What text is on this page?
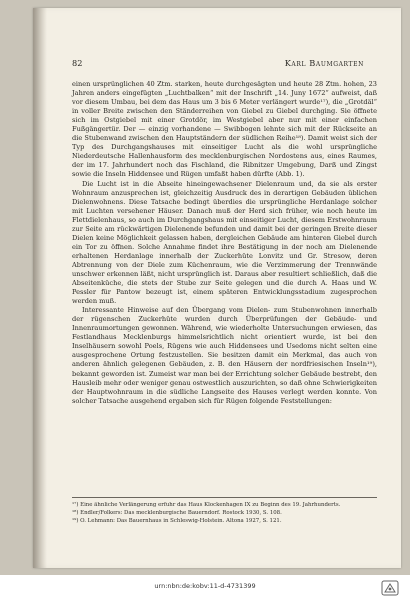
82	Karl Baumgarten

einen ursprünglichen 40 Ztm. starken, heute durchgesägten und heute 28 Ztm. hohen, 23 Jahren anders eingefügten „Luchtbalken“ mit der Inschrift „14. Juny 1672“ aufweist, daß vor diesem Umbau, bei dem das Haus um 3 bis 6 Meter verlängert wurde¹⁷), die „Grotdäl“ in voller Breite zwischen den Ständerreihen von Giebel zu Giebel durchging. Sie öffnete sich im Ostgiebel mit einer Grotdör, im Westgiebel aber nur mit einer einfachen Fußgängertür. Der — einzig vorhandene — Swibbogen lehnte sich mit der Rückseite an die Stubenwand zwischen den Hauptständern der südlichen Reihe¹⁸). Damit weist sich der Typ des Durchgangshauses mit einseitiger Lucht als die wohl ursprüngliche Niederdeutsche Hallenhausform des mecklenburgischen Nordostens aus, eines Raumes, der im 17. Jahrhundert noch das Fischland, die Ribnitzer Umgebung, Darß und Zingst sowie die Inseln Hiddensee und Rügen umfaßt haben dürfte (Abb. 1).

Die Lucht ist in die Abseite hineingewachsener Dielenraum und, da sie als erster Wohnraum anzusprechen ist, gleichzeitig Ausdruck des in derartigen Gebäuden üblichen Dielenwohnens. Diese Tatsache bedingt überdies die ursprüngliche Herdanlage solcher mit Luchten versehener Häuser. Danach muß der Herd sich früher, wie noch heute im Flettdielenhaus, so auch im Durchgangshaus mit einseitiger Lucht, diesem Erstwohnraum zur Seite am rückwärtigen Dielenende befunden und damit bei der geringen Breite dieser Dielen keine Möglichkeit gelassen haben, dergleichen Gebäude am hinteren Giebel durch ein Tor zu öffnen. Solche Annahme findet ihre Bestätigung in der noch am Dielenende erhaltenen Herdanlage innerhalb der Zuckerhüte Lonvitz und Gr. Stresow, deren Abtrennung von der Diele zum Küchenraum, wie die Verzimmerung der Trennwände unschwer erkennen läßt, nicht ursprünglich ist. Daraus aber resultiert schließlich, daß die Abseitenküche, die stets der Stube zur Seite gelegen und die durch A. Haas und W. Pessler für Pantow bezeugt ist, einem späteren Entwicklungsstadium zugesprochen werden muß.

Interessante Hinweise auf den Übergang vom Dielen- zum Stubenwohnen innerhalb der rügenschen Zuckerhüte wurden durch Überprüfungen der Gebäude- und Innenraumortungen gewonnen. Während, wie wiederholte Untersuchungen erwiesen, das Festlandhaus Mecklenburgs himmelsrichtlich nicht orientiert wurde, ist bei den Inselhäusern sowohl Poels, Rügens wie auch Hiddensees und Usedoms nicht selten eine ausgesprochene Ortung festzustellen. Sie besitzen damit ein Merkmal, das auch von anderen ähnlich gelegenen Gebäuden, z. B. den Häusern der nordfriesischen Inseln¹⁹), bekannt geworden ist. Zumeist war man bei der Errichtung solcher Gebäude bestrebt, den Hausleib mehr oder weniger genau ostwestlich auszurichten, so daß ohne Schwierigkeiten der Hauptwohnraum in die südliche Langseite des Hauses verlegt werden konnte. Von solcher Tatsache ausgehend ergaben sich für Rügen folgende Feststellungen:

¹⁷) Eine ähnliche Verlängerung erfuhr das Haus Klockenhagen IX zu Beginn des 19. Jahrhunderts.
¹⁸) Endler/Folkers: Das mecklenburgische Bauerndorf. Rostock 1930, S. 108.
¹⁹) O. Lehmann: Das Bauernhaus in Schleswig-Holstein. Altona 1927, S. 121.
urn:nbn:de:kobv:11-d-4731399
